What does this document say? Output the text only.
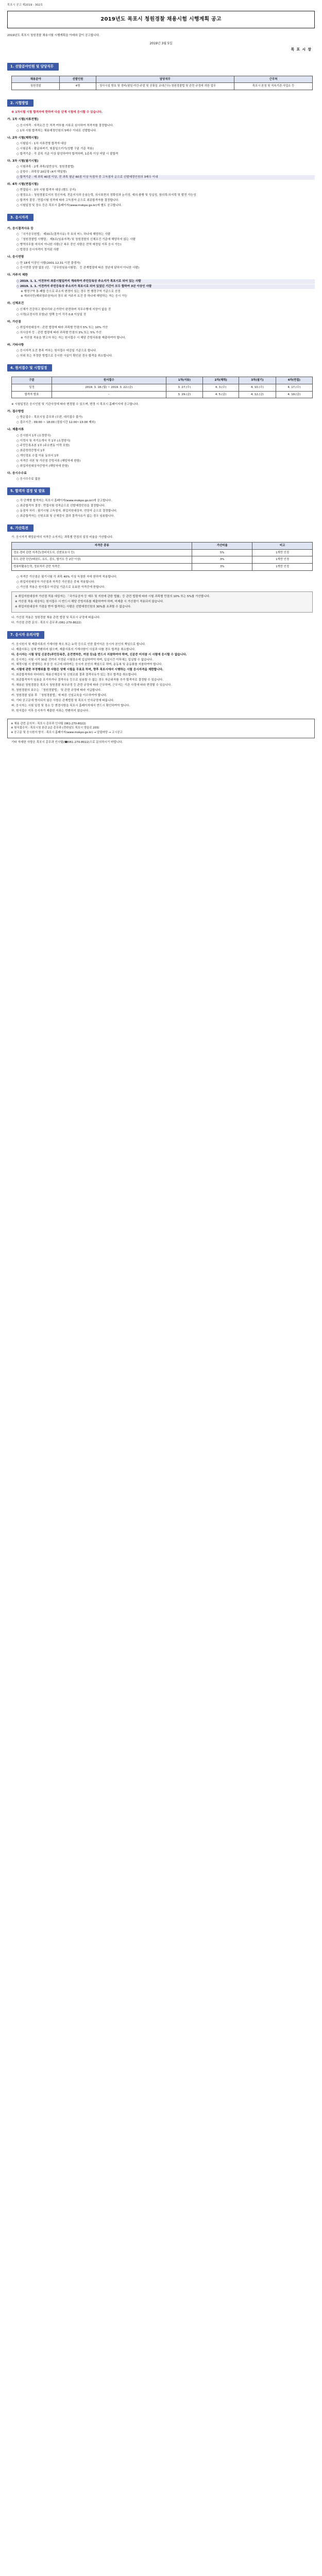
목포시 공고 제2019 - 302호
2019년도 목포시 청원경찰 채용시험 시행계획 공고
2019년도 목포시 청원경찰 채용시험 시행계획을 아래와 같이 공고합니다.
2019년 3월 5일
목 포 시 장
1. 선발분야인원 및 담당직무
채용분야	선발인원	담당직무	근무처
청원경찰	4명	· 청사시설 방호 및 경비(평일·야간·주말 및 공휴일 교대근무)·청원경찰법 및 관련 규정에 의한 업무	목포시 본청 및 직속기관·사업소 등
2. 시험방법
※ 1차시험 시험 합격자에 한하여 다음 단계 시험에 응시할 수 있습니다.
가. 1차 시험(서류전형)
○ 응시자격 · 자격요건 등 적격 여부를 서류로 심사하여 적격자를 결정합니다.
○ 1차 시험 합격자는 채용예정인원의 5배수 이내로 선발합니다.
나. 2차 시험(체력시험)
○ 시험일시 : 1차 서류전형 합격자 대상
○ 시험종목 : 팔굽혀펴기, 윗몸일으키기(성별 구분 기준 적용)
○ 합격기준 : 각 종목 기준 이상 달성하여야 합격하며, 1종목 이상 미달 시 불합격
다. 3차 시험(필기시험)
○ 시험과목 : 2개 과목(일반상식, 청원경찰법)
○ 문항수 : 과목당 20문항 (4지 택일형)
○ 합격기준 : 매 과목 40점 이상, 전 과목 평균 60점 이상 득점자 중 고득점자 순으로 선발예정인원의 3배수 이내
라. 4차 시험(면접시험)
○ 면접일시 : 3차 시험 합격자 대상 (별도 공지)
○ 평정요소 : 청원경찰로서의 정신자세, 전문지식과 응용능력, 의사표현의 정확성과 논리성, 예의·품행 및 성실성, 창의력·의지력 및 발전 가능성
○ 합격자 결정 : 면접시험 성적에 따라 고득점자 순으로 최종합격자를 결정합니다.
○ 시험일정 및 장소 등은 목포시 홈페이지(www.mokpo.go.kr)에 별도 공고합니다.
3. 응시자격
가. 응시결격사유 등
○ 「국가공무원법」 제33조(결격사유) 각 호의 어느 하나에 해당하는 사람
○ 「청원경찰법 시행령」 제3조(임용자격) 및 청원경찰의 신체조건 기준에 해당하지 않는 사람
○ 병역의무를 마치지 아니한 사람(군 복무 중인 사람은 전역 예정일 이후 응시 가능)
○ 법령상 응시자격이 정지된 사람
나. 응시연령
○ 만 18세 이상인 사람(2001.12.31 이전 출생자)
○ 응시연령 상한 없음 (단, 「공무원임용시험령」 등 관계법령에 따른 정년에 달하지 아니한 사람)
다. 거주지 제한
○ 2019. 1. 1. 이전부터 최종시험일까지 계속하여 주민등록상 주소지가 목포시로 되어 있는 사람
○ 2019. 1. 1. 이전까지 주민등록상 주소지가 목포시로 되어 있었던 기간이 모두 합하여 3년 이상인 사람
※ 행정구역 통·폐합 등으로 주소지 변경이 있는 경우 현 행정구역 기준으로 산정
※ 재외국민(해외영주권자)의 경우 위 거주지 요건 중 하나에 해당하는 자는 응시 가능
라. 신체조건
○ 신체가 건강하고 팔다리와 손가락이 완전하며 직무수행에 지장이 없을 것
○ 시력(교정시력 포함)은 양쪽 눈이 각각 0.8 이상일 것
마. 가산점
○ 취업지원대상자 : 관련 법령에 따라 과목별 만점의 5% 또는 10% 가산
○ 의사상자 등 : 관련 법령에 따라 과목별 만점의 3% 또는 5% 가산
※ 가산점 적용을 받고자 하는 자는 원서접수 시 해당 증빙서류를 제출하여야 합니다.
바. 기타사항
○ 응시자격 요건 충족 여부는 원서접수 마감일 기준으로 합니다.
○ 허위 또는 부정한 방법으로 응시한 사실이 확인된 경우 합격을 취소합니다.
4. 원서접수 및 시험일정
구분	원서접수	1차(서류)	2차(체력)	3차(필기)	4차(면접)
일정	2019. 3. 18.(월) ~ 2019. 3. 22.(금)	3. 27.(수)	4. 3.(수)	4. 10.(수)	4. 17.(수)
합격자 발표	-	3. 29.(금)	4. 5.(금)	4. 12.(금)	4. 19.(금)
※ 시험일정은 응시인원 및 기관사정에 따라 변경될 수 있으며, 변경 시 목포시 홈페이지에 공고합니다.
가. 접수방법
○ 방문접수 : 목포시청 총무과 (우편, 대리접수 불가)
○ 접수시간 : 09:00 ~ 18:00 (점심시간 12:00~13:00 제외)
나. 제출서류
○ 응시원서 1부 (소정양식)
○ 이력서 및 자기소개서 각 1부 (소정양식)
○ 주민등록초본 1부 (주소변동 이력 포함)
○ 최종학력증명서 1부
○ 개인정보 수집 이용 동의서 1부
○ 자격증 사본 및 가산점 증빙서류 (해당자에 한함)
○ 취업지원대상자증명서 (해당자에 한함)
다. 응시수수료
○ 응시수수료 없음
5. 합격자 결정 및 발표
○ 각 단계별 합격자는 목포시 홈페이지(www.mokpo.go.kr)에 공고합니다.
○ 최종합격자 결정 : 면접시험 성적순으로 선발예정인원을 결정합니다.
○ 동점자 처리 : 필기시험 고득점자, 취업지원대상자, 연장자 순으로 결정합니다.
○ 최종합격자는 신원조회 및 신체검사 결과 결격사유가 없는 경우 임용합니다.
6. 가산특전
가. 응시자격 해당분야의 자격증 소지자는 과목별 만점의 일정 비율을 가산합니다.
자격증 종류	가산비율	비고
경호·경비 관련 자격증(경비지도사, 신변보호사 등)	5%	1개만 인정
무도 관련 단증(태권도, 유도, 검도, 합기도 등 2단 이상)	3%	1개만 인정
컴퓨터활용능력, 정보처리 관련 자격증	3%	1개만 인정
○ 자격증 가산점은 필기시험 각 과목 40% 이상 득점한 자에 한하여 적용합니다.
○ 취업지원대상자 가산점과 자격증 가산점은 중복 적용합니다.
○ 가산점 적용은 원서접수 마감일 기준으로 유효한 자격증에 한합니다.
※ 취업지원대상자 가산점 적용 대상자는 「국가유공자 등 예우 및 지원에 관한 법률」등 관련 법령에 따라 시험 과목별 만점의 10% 또는 5%를 가산합니다.
※ 가산점 적용 대상자는 원서접수 시 반드시 해당 증빙서류를 제출하여야 하며, 미제출 시 가산점이 적용되지 않습니다.
※ 취업지원대상자 가점을 받아 합격하는 사람은 선발예정인원의 30%를 초과할 수 없습니다.
나. 가산점 적용은 청원경찰 채용 관련 법령 및 목포시 규정에 따릅니다.
다. 가산점 관련 문의 : 목포시 총무과 (061-270-8022)
7. 응시자 유의사항
가. 응시원서 및 제출서류의 기재사항 착오 또는 누락 등으로 인한 불이익은 응시자 본인의 책임으로 합니다.
나. 제출서류는 일체 반환하지 않으며, 제출서류의 기재사항이 사실과 다를 경우 합격을 취소합니다.
다. 응시자는 시험 당일 신분증(주민등록증, 운전면허증, 여권 등)을 반드시 지참하여야 하며, 신분증 미지참 시 시험에 응시할 수 없습니다.
라. 응시자는 시험 시작 30분 전까지 지정된 시험장소에 입실하여야 하며, 입실시간 이후에는 입실할 수 없습니다.
마. 체력시험 시 발생하는 부상 등 사고에 대하여는 응시자 본인의 책임으로 하며, 운동복 및 운동화를 지참하여야 합니다.
바. 시험에 관한 부정행위를 한 사람은 당해 시험을 무효로 하며, 향후 목포시에서 시행하는 시험 응시자격을 제한합니다.
사. 최종합격자라 하더라도 채용신체검사 및 신원조회 결과 결격사유가 있는 경우 합격을 취소합니다.
아. 최종합격자가 임용을 포기하거나 결격사유 등으로 임용할 수 없는 경우 차순위자를 추가 합격자로 결정할 수 있습니다.
자. 채용된 청원경찰은 목포시 청원경찰 복무규정 등 관련 규정에 따라 근무하며, 근무지는 기관 사정에 따라 변경될 수 있습니다.
차. 청원경찰의 보수는 「청원경찰법」 및 관련 규정에 따라 지급합니다.
카. 청원경찰 임용 후 「청원경찰법」에 따른 신임교육을 이수하여야 합니다.
타. 기타 공고문에 명시되지 않은 사항은 관계법령 및 목포시 인사규정에 따릅니다.
파. 응시자는 시험 일정 및 장소 등 변경사항을 목포시 홈페이지에서 반드시 확인하여야 합니다.
하. 원서접수 이후 응시자가 제출한 서류는 반환하지 않습니다.
※ 채용 관련 문의처 : 목포시 총무과 인사팀 (061-270-8022)
※ 원서접수처 : 목포시청 본관 2층 총무과 (전라남도 목포시 양을로 203)
※ 공고문 및 응시원서 양식 : 목포시 홈페이지(www.mokpo.go.kr) → 알림마당 → 고시공고
기타 자세한 사항은 목포시 총무과 인사팀(☎061-270-8022)으로 문의하시기 바랍니다.
